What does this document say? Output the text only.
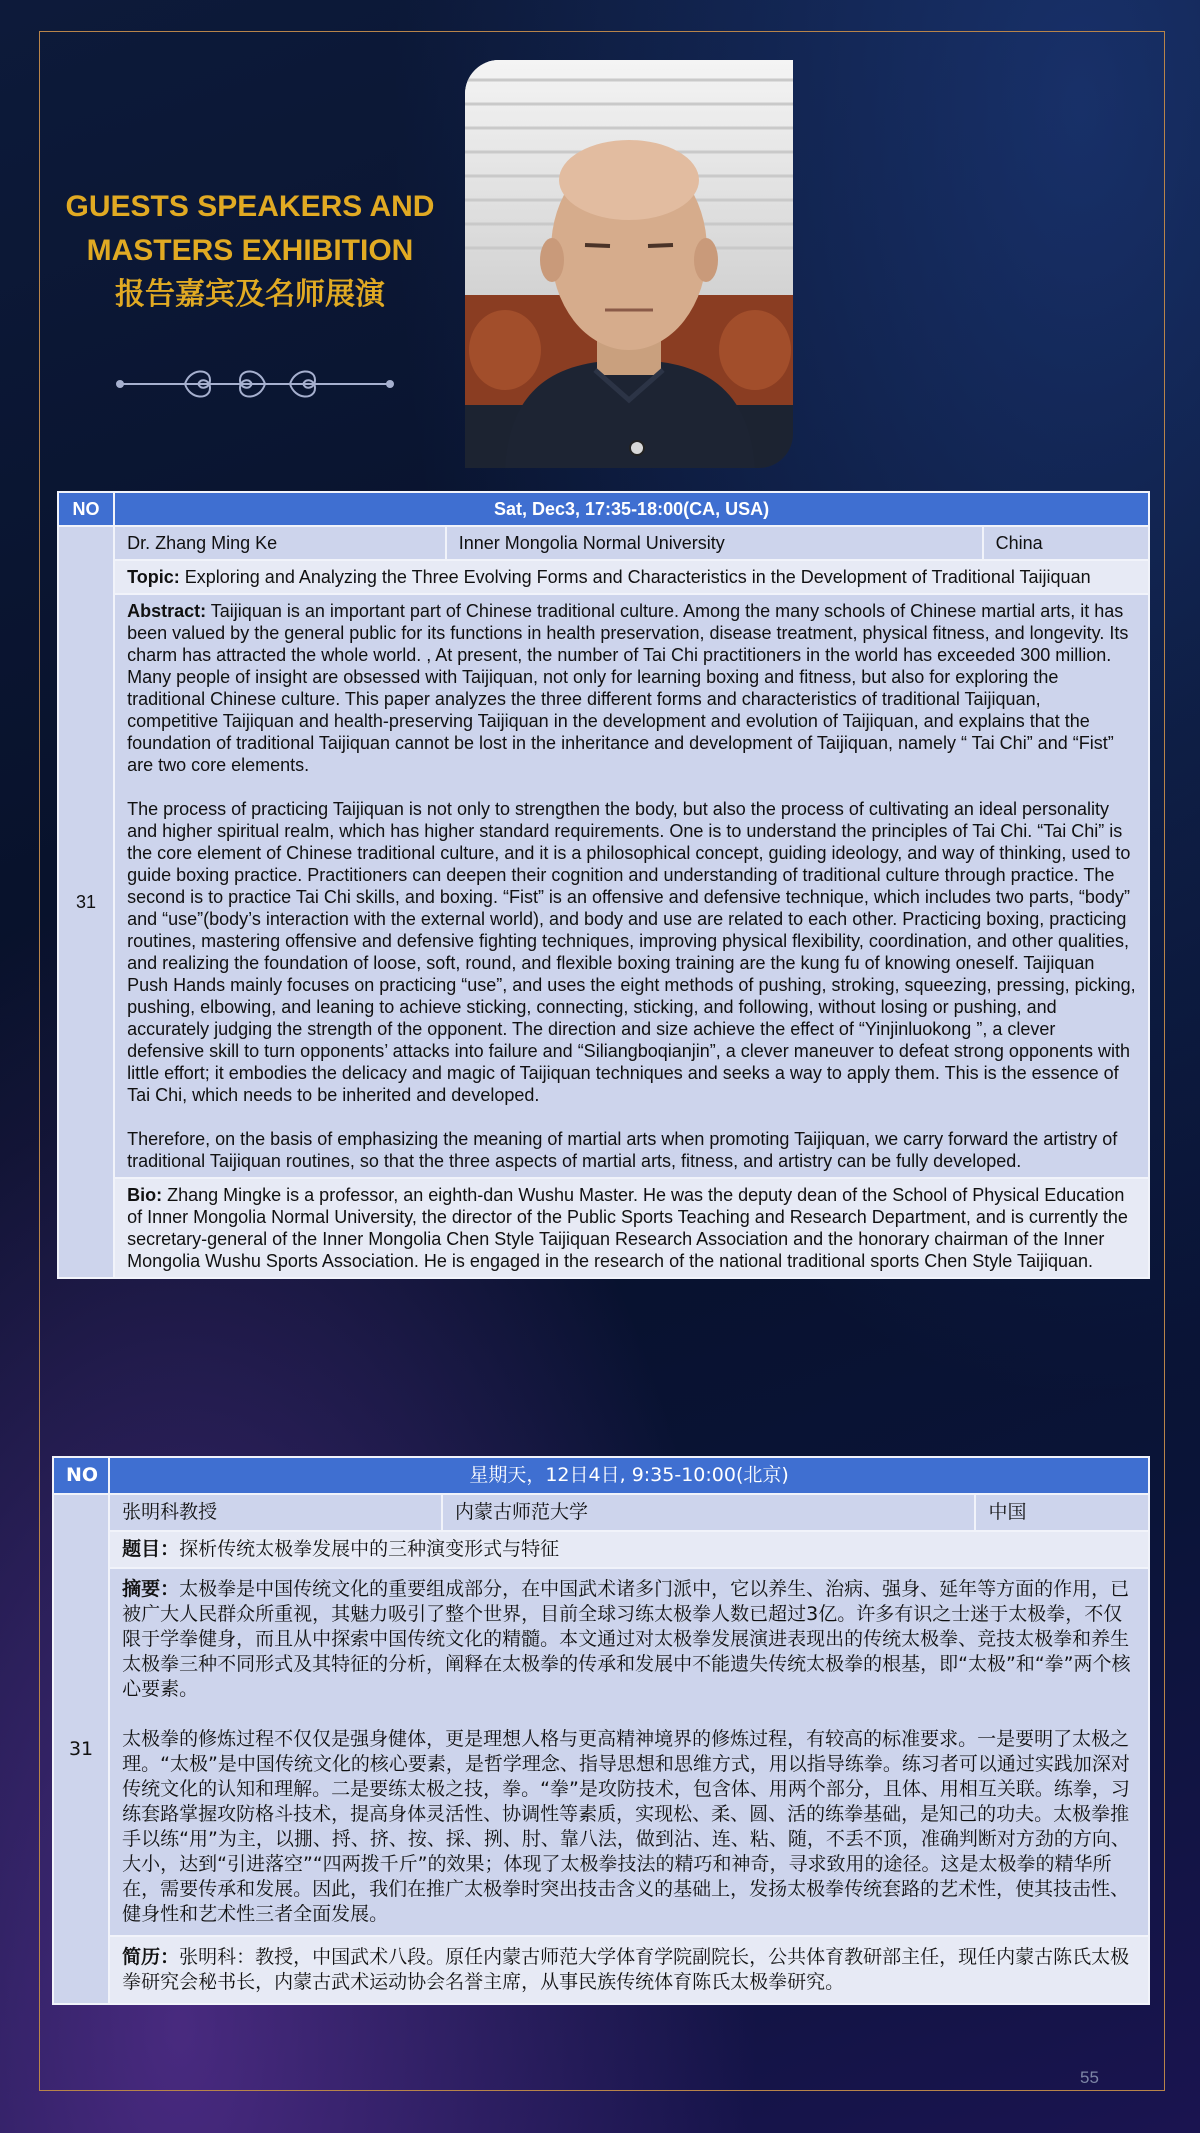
GUESTS SPEAKERS AND
MASTERS EXHIBITION
报告嘉宾及名师展演
NO	Sat, Dec3, 17:35-18:00(CA, USA)		
31	Dr. Zhang Ming Ke	Inner Mongolia Normal University	China
	Topic: Exploring and Analyzing the Three Evolving Forms and Characteristics in the Development of Traditional Taijiquan		

	Abstract: Taijiquan is an important part of Chinese traditional culture. Among the many schools of Chinese martial arts, it has been valued by the general public for its functions in health preservation, disease treatment, physical fitness, and longevity. Its charm has attracted the whole world. , At present, the number of Tai Chi practitioners in the world has exceeded 300 million. Many people of insight are obsessed with Taijiquan, not only for learning boxing and fitness, but also for exploring the traditional Chinese culture. This paper analyzes the three different forms and characteristics of traditional Taijiquan, competitive Taijiquan and health-preserving Taijiquan in the development and evolution of Taijiquan, and explains that the foundation of traditional Taijiquan cannot be lost in the inheritance and development of Taijiquan, namely “ Tai Chi” and “Fist” are two core elements.

The process of practicing Taijiquan is not only to strengthen the body, but also the process of cultivating an ideal personality and higher spiritual realm, which has higher standard requirements. One is to understand the principles of Tai Chi. “Tai Chi” is the core element of Chinese traditional culture, and it is a philosophical concept, guiding ideology, and way of thinking, used to guide boxing practice. Practitioners can deepen their cognition and understanding of traditional culture through practice. The second is to practice Tai Chi skills, and boxing. “Fist” is an offensive and defensive technique, which includes two parts, “body” and “use”(body’s interaction with the external world), and body and use are related to each other. Practicing boxing, practicing routines, mastering offensive and defensive fighting techniques, improving physical flexibility, coordination, and other qualities, and realizing the foundation of loose, soft, round, and flexible boxing training are the kung fu of knowing oneself. Taijiquan Push Hands mainly focuses on practicing “use”, and uses the eight methods of pushing, stroking, squeezing, pressing, picking, pushing, elbowing, and leaning to achieve sticking, connecting, sticking, and following, without losing or pushing, and accurately judging the strength of the opponent. The direction and size achieve the effect of “Yinjinluokong ”, a clever defensive skill to turn opponents’ attacks into failure and “Siliangboqianjin”, a clever maneuver to defeat strong opponents with little effort; it embodies the delicacy and magic of Taijiquan techniques and seeks a way to apply them. This is the essence of Tai Chi, which needs to be inherited and developed.

Therefore, on the basis of emphasizing the meaning of martial arts when promoting Taijiquan, we carry forward the artistry of traditional Taijiquan routines, so that the three aspects of martial arts, fitness, and artistry can be fully developed.		

	Bio: Zhang Mingke is a professor, an eighth-dan Wushu Master. He was the deputy dean of the School of Physical Education of Inner Mongolia Normal University, the director of the Public Sports Teaching and Research Department, and is currently the secretary-general of the Inner Mongolia Chen Style Taijiquan Research Association and the honorary chairman of the Inner Mongolia Wushu Sports Association. He is engaged in the research of the national traditional sports Chen Style Taijiquan.		
NO	星期天，12日4日, 9:35-10:00(北京)		
31	张明科教授	内蒙古师范大学	中国
	题目：探析传统太极拳发展中的三种演变形式与特征		

	摘要：太极拳是中国传统文化的重要组成部分，在中国武术诸多门派中，它以养生、治病、强身、延年等方面的作用，已被广大人民群众所重视，其魅力吸引了整个世界，目前全球习练太极拳人数已超过3亿。许多有识之士迷于太极拳，不仅限于学拳健身，而且从中探索中国传统文化的精髓。本文通过对太极拳发展演进表现出的传统太极拳、竞技太极拳和养生太极拳三种不同形式及其特征的分析，阐释在太极拳的传承和发展中不能遗失传统太极拳的根基，即“太极”和“拳”两个核心要素。

太极拳的修炼过程不仅仅是强身健体，更是理想人格与更高精神境界的修炼过程，有较高的标准要求。一是要明了太极之理。“太极”是中国传统文化的核心要素，是哲学理念、指导思想和思维方式，用以指导练拳。练习者可以通过实践加深对传统文化的认知和理解。二是要练太极之技，拳。“拳”是攻防技术，包含体、用两个部分，且体、用相互关联。练拳，习练套路掌握攻防格斗技术，提高身体灵活性、协调性等素质，实现松、柔、圆、活的练拳基础，是知己的功夫。太极拳推手以练“用”为主，以掤、捋、挤、按、採、挒、肘、靠八法，做到沾、连、粘、随，不丢不顶，准确判断对方劲的方向、大小，达到“引进落空”“四两拨千斤”的效果；体现了太极拳技法的精巧和神奇，寻求致用的途径。这是太极拳的精华所在，需要传承和发展。因此，我们在推广太极拳时突出技击含义的基础上，发扬太极拳传统套路的艺术性，使其技击性、健身性和艺术性三者全面发展。		

	简历：张明科：教授，中国武术八段。原任内蒙古师范大学体育学院副院长，公共体育教研部主任，现任内蒙古陈氏太极拳研究会秘书长，内蒙古武术运动协会名誉主席，从事民族传统体育陈氏太极拳研究。		
55
